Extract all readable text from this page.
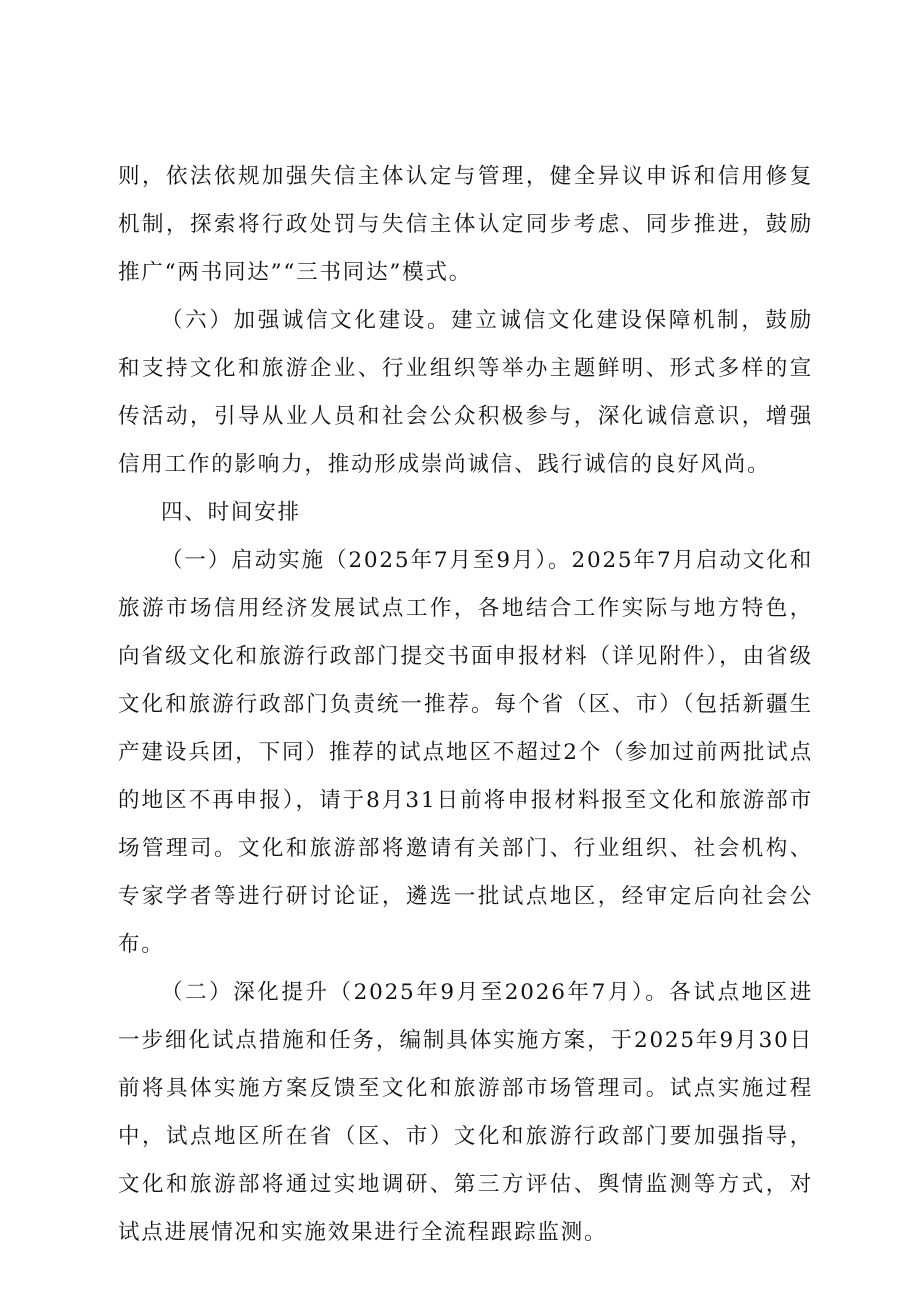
则，依法依规加强失信主体认定与管理，健全异议申诉和信用修复机制，探索将行政处罚与失信主体认定同步考虑、同步推进，鼓励推广“两书同达”“三书同达”模式。

（六）加强诚信文化建设。建立诚信文化建设保障机制，鼓励和支持文化和旅游企业、行业组织等举办主题鲜明、形式多样的宣传活动，引导从业人员和社会公众积极参与，深化诚信意识，增强信用工作的影响力，推动形成崇尚诚信、践行诚信的良好风尚。

四、时间安排

（一）启动实施（2025年7月至9月）。2025年7月启动文化和旅游市场信用经济发展试点工作，各地结合工作实际与地方特色，向省级文化和旅游行政部门提交书面申报材料（详见附件），由省级文化和旅游行政部门负责统一推荐。每个省（区、市）（包括新疆生产建设兵团，下同）推荐的试点地区不超过2个（参加过前两批试点的地区不再申报），请于8月31日前将申报材料报至文化和旅游部市场管理司。文化和旅游部将邀请有关部门、行业组织、社会机构、专家学者等进行研讨论证，遴选一批试点地区，经审定后向社会公布。

（二）深化提升（2025年9月至2026年7月）。各试点地区进一步细化试点措施和任务，编制具体实施方案，于2025年9月30日前将具体实施方案反馈至文化和旅游部市场管理司。试点实施过程中，试点地区所在省（区、市）文化和旅游行政部门要加强指导，文化和旅游部将通过实地调研、第三方评估、舆情监测等方式，对试点进展情况和实施效果进行全流程跟踪监测。
